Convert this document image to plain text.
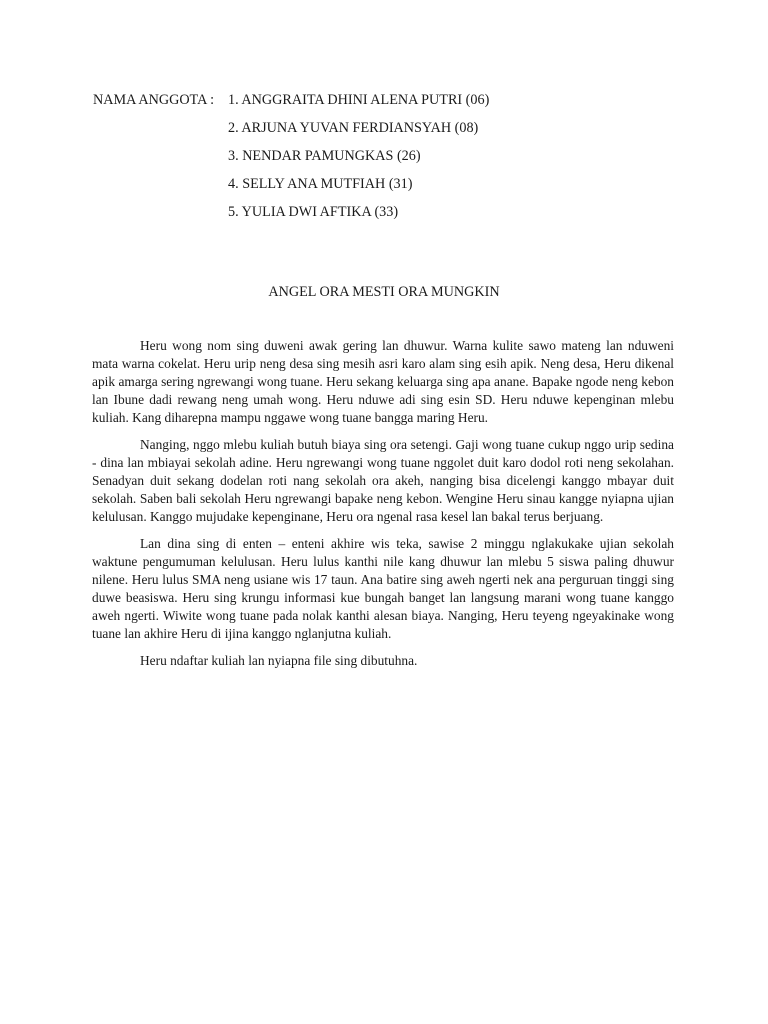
NAMA ANGGOTA : 1. ANGGRAITA DHINI ALENA PUTRI (06)
2. ARJUNA YUVAN FERDIANSYAH (08)
3. NENDAR PAMUNGKAS (26)
4. SELLY ANA MUTFIAH (31)
5. YULIA DWI AFTIKA (33)
ANGEL ORA MESTI ORA MUNGKIN

Heru wong nom sing duweni awak gering lan dhuwur. Warna kulite sawo mateng lan nduweni mata warna cokelat. Heru urip neng desa sing mesih asri karo alam sing esih apik. Neng desa, Heru dikenal apik amarga sering ngrewangi wong tuane. Heru sekang keluarga sing apa anane. Bapake ngode neng kebon lan Ibune dadi rewang neng umah wong. Heru nduwe adi sing esin SD. Heru nduwe kepenginan mlebu kuliah. Kang diharepna mampu nggawe wong tuane bangga maring Heru.

Nanging, nggo mlebu kuliah butuh biaya sing ora setengi. Gaji wong tuane cukup nggo urip sedina - dina lan mbiayai sekolah adine. Heru ngrewangi wong tuane nggolet duit karo dodol roti neng sekolahan. Senadyan duit sekang dodelan roti nang sekolah ora akeh, nanging bisa dicelengi kanggo mbayar duit sekolah. Saben bali sekolah Heru ngrewangi bapake neng kebon. Wengine Heru sinau kangge nyiapna ujian kelulusan. Kanggo mujudake kepenginane, Heru ora ngenal rasa kesel lan bakal terus berjuang.

Lan dina sing di enten – enteni akhire wis teka, sawise 2 minggu nglakukake ujian sekolah waktune pengumuman kelulusan. Heru lulus kanthi nile kang dhuwur lan mlebu 5 siswa paling dhuwur nilene. Heru lulus SMA neng usiane wis 17 taun. Ana batire sing aweh ngerti nek ana perguruan tinggi sing duwe beasiswa. Heru sing krungu informasi kue bungah banget lan langsung marani wong tuane kanggo aweh ngerti. Wiwite wong tuane pada nolak kanthi alesan biaya. Nanging, Heru teyeng ngeyakinake wong tuane lan akhire Heru di ijina kanggo nglanjutna kuliah.

Heru ndaftar kuliah lan nyiapna file sing dibutuhna.
